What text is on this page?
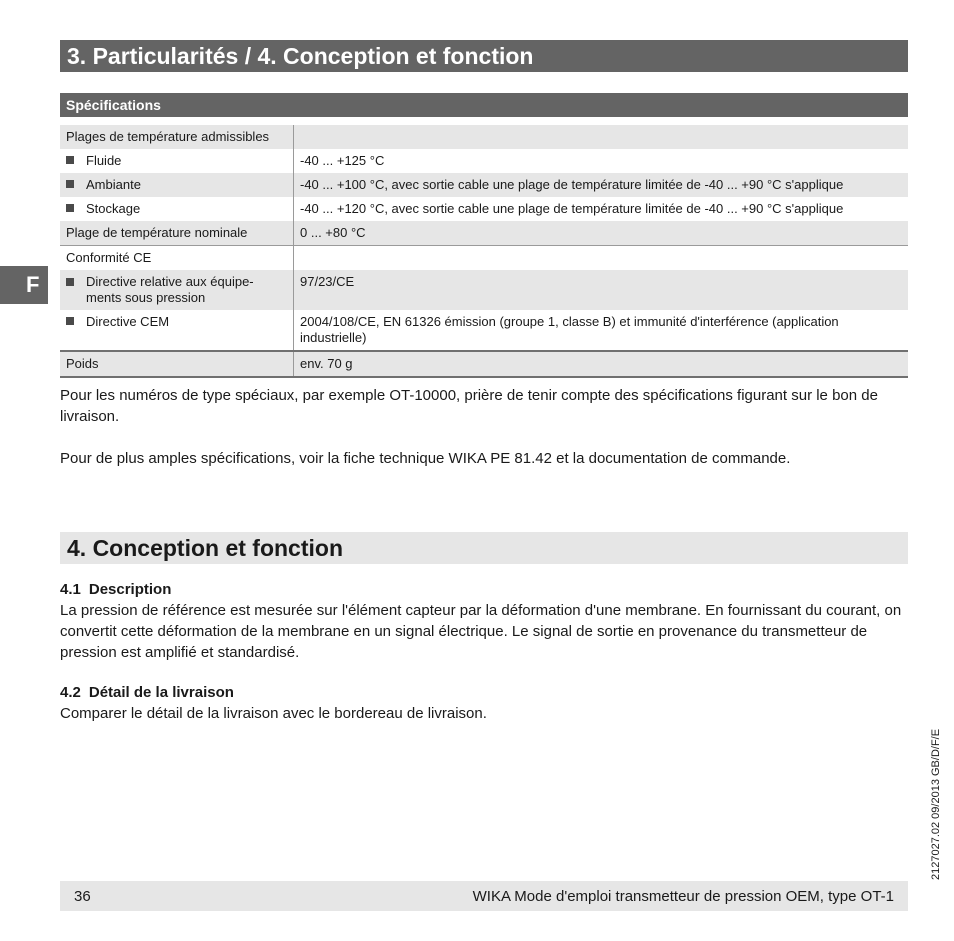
F
3. Particularités / 4. Conception et fonction
Spécifications
Plages de température admissibles	
Fluide	-40 ... +125 °C
Ambiante	-40 ... +100 °C, avec sortie cable une plage de température limitée de -40 ... +90 °C s'applique
Stockage	-40 ... +120 °C, avec sortie cable une plage de température limitée de -40 ... +90 °C s'applique
Plage de température nominale	0 ... +80 °C
Conformité CE	

Directive relative aux équipe-ments sous pression	97/23/CE
Directive CEM	2004/108/CE, EN 61326 émission (groupe 1, classe B) et immunité d'interférence (application industrielle)
Poids	env. 70 g

Pour les numéros de type spéciaux, par exemple OT-10000, prière de tenir compte des spécifications figurant sur le bon de livraison.

Pour de plus amples spécifications, voir la fiche technique WIKA PE 81.42 et la documentation de commande.

4. Conception et fonction
4.1 Description

La pression de référence est mesurée sur l'élément capteur par la déformation d'une membrane. En fournissant du courant, on convertit cette déformation de la membrane en un signal électrique. Le signal de sortie en provenance du transmetteur de pression est amplifié et standardisé.

4.2 Détail de la livraison

Comparer le détail de la livraison avec le bordereau de livraison.

2127027.02 09/2013 GB/D/F/E
36	WIKA Mode d'emploi transmetteur de pression OEM, type OT-1
